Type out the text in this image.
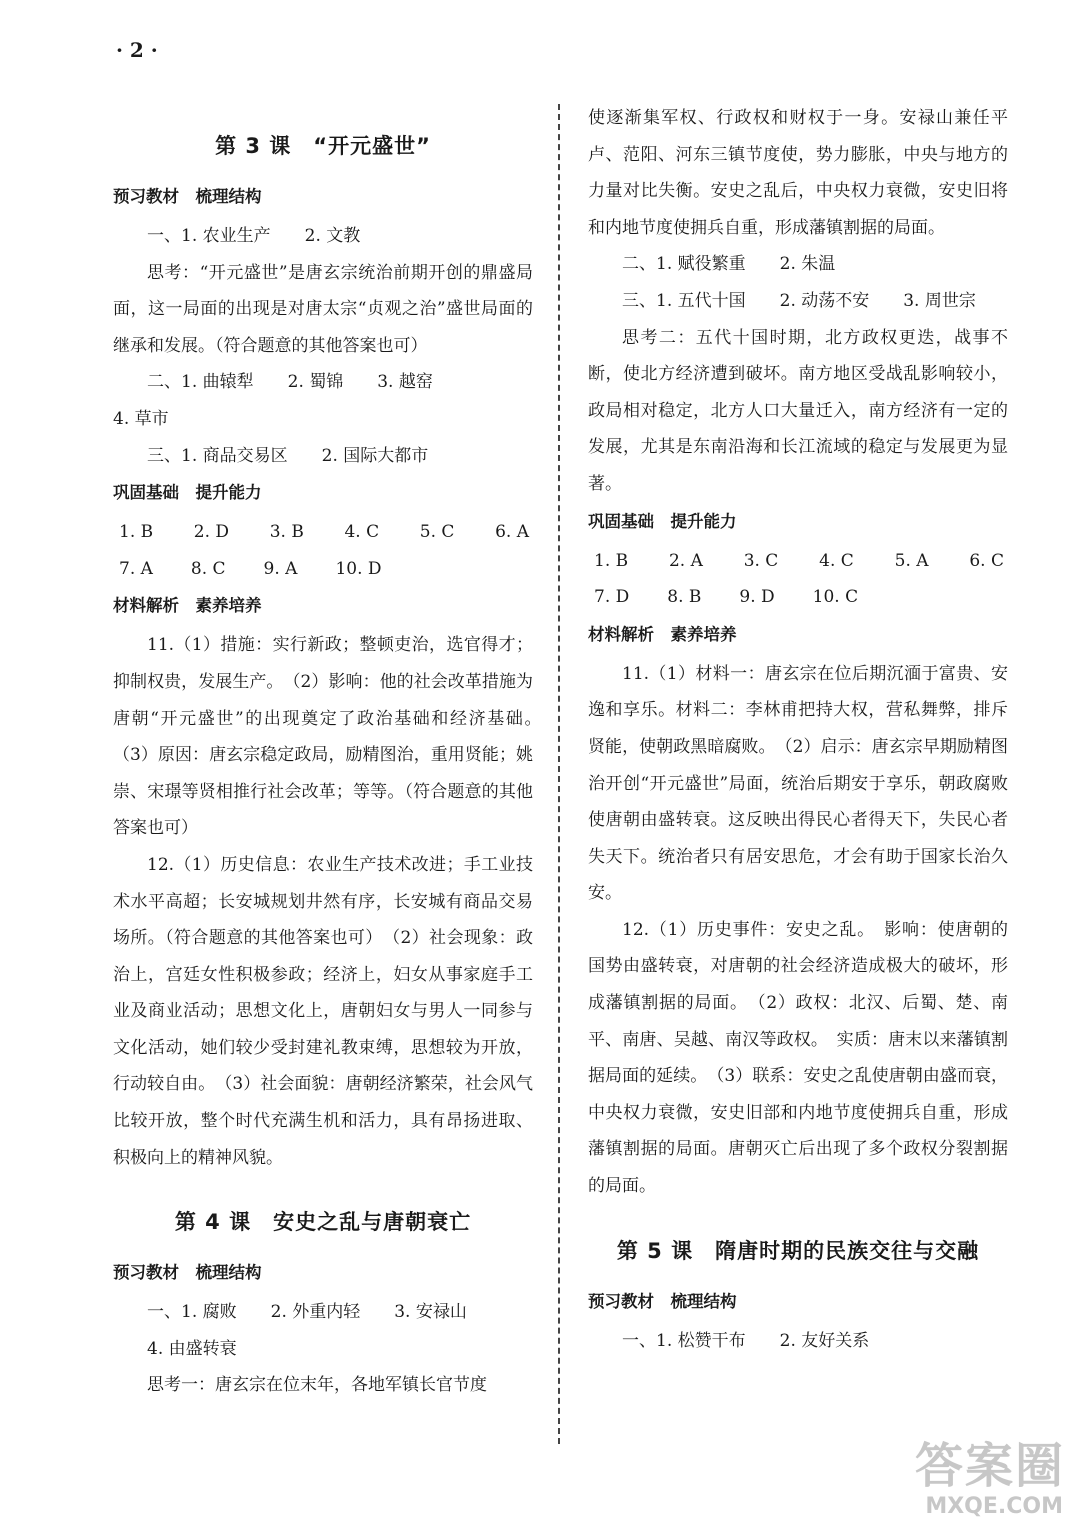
· 2 ·
第 3 课　“开元盛世”
预习教材　梳理结构

一、1. 农业生产　　2. 文教

思考：“开元盛世”是唐玄宗统治前期开创的鼎盛局面，这一局面的出现是对唐太宗“贞观之治”盛世局面的继承和发展。（符合题意的其他答案也可）

二、1. 曲辕犁　　2. 蜀锦　　3. 越窑

4. 草市

三、1. 商品交易区　　2. 国际大都市

巩固基础　提升能力
1. B 2. D 3. B 4. C 5. C 6. A
7. A 8. C 9. A 10. D
材料解析　素养培养

11.（1）措施：实行新政；整顿吏治，选官得才；抑制权贵，发展生产。　（2）影响：他的社会改革措施为唐朝“开元盛世”的出现奠定了政治基础和经济基础。　（3）原因：唐玄宗稳定政局，励精图治，重用贤能；姚崇、宋璟等贤相推行社会改革；等等。（符合题意的其他答案也可）

12.（1）历史信息：农业生产技术改进；手工业技术水平高超；长安城规划井然有序，长安城有商品交易场所。（符合题意的其他答案也可）　（2）社会现象：政治上，宫廷女性积极参政；经济上，妇女从事家庭手工业及商业活动；思想文化上，唐朝妇女与男人一同参与文化活动，她们较少受封建礼教束缚，思想较为开放，行动较自由。　（3）社会面貌：唐朝经济繁荣，社会风气比较开放，整个时代充满生机和活力，具有昂扬进取、积极向上的精神风貌。

第 4 课　安史之乱与唐朝衰亡
预习教材　梳理结构

一、1. 腐败　　2. 外重内轻　　3. 安禄山

4. 由盛转衰

思考一：唐玄宗在位末年，各地军镇长官节度

使逐渐集军权、行政权和财权于一身。安禄山兼任平卢、范阳、河东三镇节度使，势力膨胀，中央与地方的力量对比失衡。安史之乱后，中央权力衰微，安史旧将和内地节度使拥兵自重，形成藩镇割据的局面。

二、1. 赋役繁重　　2. 朱温

三、1. 五代十国　　2. 动荡不安　　3. 周世宗

思考二：五代十国时期，北方政权更迭，战事不断，使北方经济遭到破坏。南方地区受战乱影响较小，政局相对稳定，北方人口大量迁入，南方经济有一定的发展，尤其是东南沿海和长江流域的稳定与发展更为显著。

巩固基础　提升能力
1. B 2. A 3. C 4. C 5. A 6. C
7. D 8. B 9. D 10. C
材料解析　素养培养

11.（1）材料一：唐玄宗在位后期沉湎于富贵、安逸和享乐。材料二：李林甫把持大权，营私舞弊，排斥贤能，使朝政黑暗腐败。　（2）启示：唐玄宗早期励精图治开创“开元盛世”局面，统治后期安于享乐，朝政腐败使唐朝由盛转衰。这反映出得民心者得天下，失民心者失天下。统治者只有居安思危，才会有助于国家长治久安。

12.（1）历史事件：安史之乱。　影响：使唐朝的国势由盛转衰，对唐朝的社会经济造成极大的破坏，形成藩镇割据的局面。　（2）政权：北汉、后蜀、楚、南平、南唐、吴越、南汉等政权。　实质：唐末以来藩镇割据局面的延续。　（3）联系：安史之乱使唐朝由盛而衰，中央权力衰微，安史旧部和内地节度使拥兵自重，形成藩镇割据的局面。唐朝灭亡后出现了多个政权分裂割据的局面。

第 5 课　隋唐时期的民族交往与交融
预习教材　梳理结构

一、1. 松赞干布　　2. 友好关系

答案圈
MXQE.COM
